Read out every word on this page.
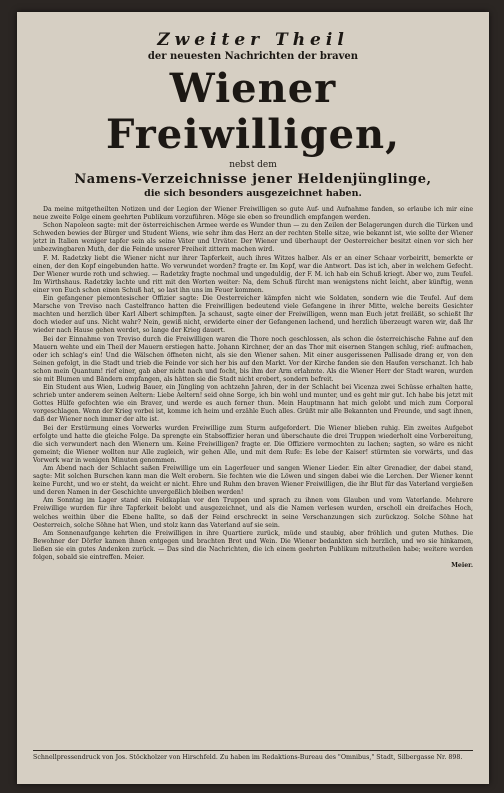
Zweiter Theil

der neuesten Nachrichten der braven

Wiener Freiwilligen,

nebst dem

Namens-Verzeichnisse jener Heldenjünglinge,

die sich besonders ausgezeichnet haben.

Da meine mitgetheilten Notizen und der Legion der Wiener Freiwilligen so gute Auf- und Aufnahme fanden, so erlaube ich mir eine neue zweite Folge einem geehrten Publikum vorzuführen. Möge sie eben so freundlich empfangen werden.
Schon Napoleon sagte: mit der österreichischen Armee werde es Wunder thun — zu den Zeilen der Belagerungen durch die Türken und Schweden bewies der Bürger und Student Wiens, wie sehr ihm das Herz an der rechten Stelle sitze, wie bekannt ist, wie sollte der Wiener jetzt in Italien weniger tapfer sein als seine Väter und Urväter. Der Wiener und überhaupt der Oesterreicher besitzt einen vor sich her unbezwingbaren Muth, der die Feinde unserer Freiheit zittern machen wird.
F. M. Radetzky liebt die Wiener nicht nur ihrer Tapferkeit, auch ihres Witzes halber. Als er an einer Schaar vorbeiritt, bemerkte er einen, der den Kopf eingebunden hatte. Wo verwundet worden? fragte er. Im Kopf, war die Antwort. Das ist ich, aber in welchem Gefecht. Der Wiener wurde roth und schwieg. — Radetzky fragte nochmal und ungeduldig, der F. M. ich hab ein Schuß kriegt. Aber wo, zum Teufel. Im Wirthshaus. Radetzky lachte und ritt mit den Worten weiter: Na, dem Schuß fürcht man wenigstens nicht leicht, aber künftig, wenn einer von Euch schon einen Schuß hat, so last ihn uns im Feuer kommen.
Ein gefangener piemontesischer Offizier sagte: Die Oesterreicher kämpfen nicht wie Soldaten, sondern wie die Teufel. Auf dem Marsche von Treviso nach Castelfranco hatten die Freiwilligen bedeutend viele Gefangene in ihrer Mitte, welche bereits Gesichter machten und herzlich über Karl Albert schimpften. Ja schaust, sagte einer der Freiwilligen, wenn man Euch jetzt freiläßt, so schießt Ihr doch wieder auf uns. Nicht wahr? Nein, gewiß nicht, erwiderte einer der Gefangenen lachend, und herzlich überzeugt waren wir, daß Ihr wieder nach Hause gehen werdet, so lange der Krieg dauert.
Bei der Einnahme von Treviso durch die Freiwilligen waren die Thore noch geschlossen, als schon die österreichische Fahne auf den Mauern wehte und ein Theil der Mauern erstiegen hatte. Johann Kirchner, der an das Thor mit eisernen Stangen schlug, rief: aufmachen, oder ich schlag's ein! Und die Wälschen öffneten nicht, als sie den Wiener sahen. Mit einer ausgerissenen Pallisade drang er, von den Seinen gefolgt, in die Stadt und trieb die Feinde vor sich her bis auf den Markt. Vor der Kirche fanden sie den Haufen verschanzt. Ich hab schon mein Quantum! rief einer, gab aber nicht nach und focht, bis ihm der Arm erlahmte. Als die Wiener Herr der Stadt waren, wurden sie mit Blumen und Bändern empfangen, als hätten sie die Stadt nicht erobert, sondern befreit.
Ein Student aus Wien, Ludwig Bauer, ein Jüngling von achtzehn Jahren, der in der Schlacht bei Vicenza zwei Schüsse erhalten hatte, schrieb unter anderem seinen Aeltern: Liebe Aeltern! seid ohne Sorge, ich bin wohl und munter, und es geht mir gut. Ich habe bis jetzt mit Gottes Hülfe gefochten wie ein Braver, und werde es auch ferner thun. Mein Hauptmann hat mich gelobt und mich zum Corporal vorgeschlagen. Wenn der Krieg vorbei ist, komme ich heim und erzähle Euch alles. Grüßt mir alle Bekannten und Freunde, und sagt ihnen, daß der Wiener noch immer der alte ist.
Bei der Erstürmung eines Vorwerks wurden Freiwillige zum Sturm aufgefordert. Die Wiener blieben ruhig. Ein zweites Aufgebot erfolgte und hatte die gleiche Folge. Da sprengte ein Stabsoffizier heran und überschaute die drei Truppen wiederholt eine Vorbereitung, die sich verwundert nach den Wienern um. Keine Freiwilligen? fragte er. Die Offiziere vermochten zu lachen; sagten, so wäre es nicht gemeint; die Wiener wollten nur Alle zugleich, wir gehen Alle, und mit dem Rufe: Es lebe der Kaiser! stürmten sie vorwärts, und das Vorwerk war in wenigen Minuten genommen.
Am Abend nach der Schlacht saßen Freiwillige um ein Lagerfeuer und sangen Wiener Lieder. Ein alter Grenadier, der dabei stand, sagte: Mit solchen Burschen kann man die Welt erobern. Sie fechten wie die Löwen und singen dabei wie die Lerchen. Der Wiener kennt keine Furcht, und wo er steht, da weicht er nicht. Ehre und Ruhm den braven Wiener Freiwilligen, die ihr Blut für das Vaterland vergießen und deren Namen in der Geschichte unvergeßlich bleiben werden!
Am Sonntag im Lager stand ein Feldkaplan vor den Truppen und sprach zu ihnen vom Glauben und vom Vaterlande. Mehrere Freiwillige wurden für ihre Tapferkeit belobt und ausgezeichnet, und als die Namen verlesen wurden, erscholl ein dreifaches Hoch, welches weithin über die Ebene hallte, so daß der Feind erschreckt in seine Verschanzungen sich zurückzog. Solche Söhne hat Oesterreich, solche Söhne hat Wien, und stolz kann das Vaterland auf sie sein.
Am Sonnenaufgange kehrten die Freiwilligen in ihre Quartiere zurück, müde und staubig, aber fröhlich und guten Muthes. Die Bewohner der Dörfer kamen ihnen entgegen und brachten Brot und Wein. Die Wiener bedankten sich herzlich, und wo sie hinkamen, ließen sie ein gutes Andenken zurück. — Das sind die Nachrichten, die ich einem geehrten Publikum mitzutheilen habe; weitere werden folgen, sobald sie eintreffen. Meier.
Meier.

Schnellpressendruck von Jos. Stöckholzer von Hirschfeld. Zu haben im Redaktions-Bureau des "Omnibus," Stadt, Silbergasse Nr. 898.
